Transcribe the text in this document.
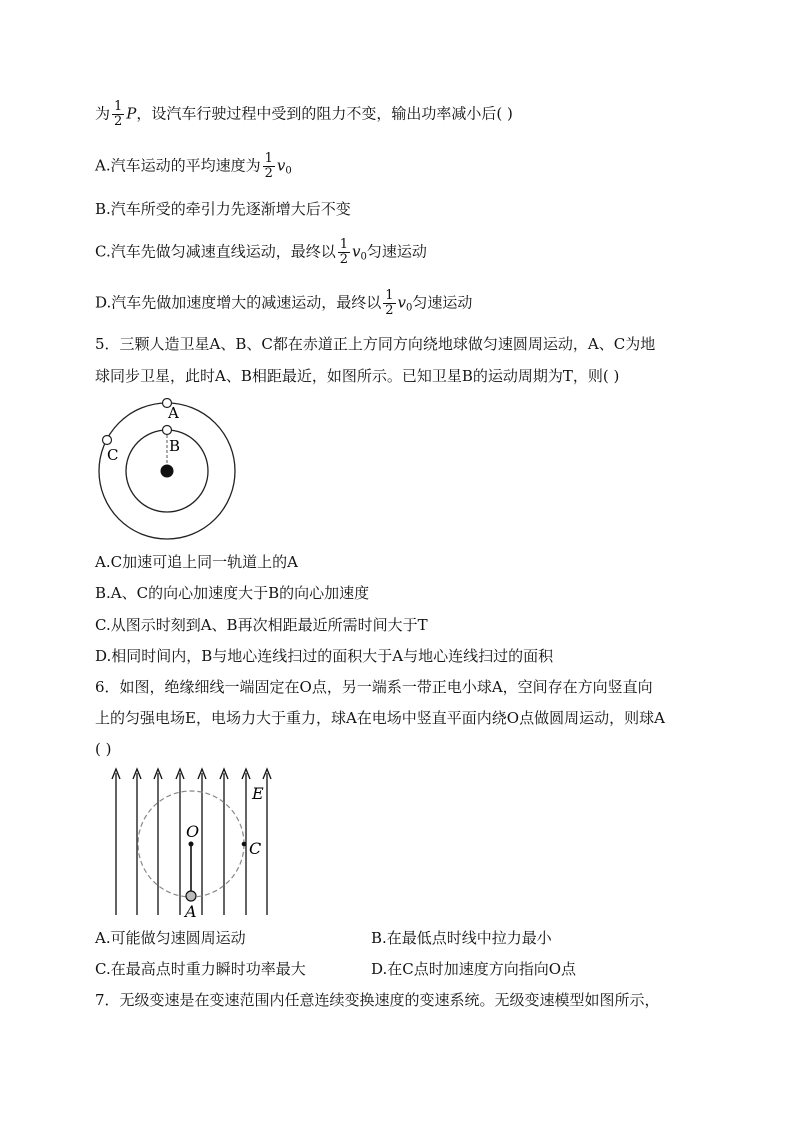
为 $\frac{1}{2}$ P，设汽车行驶过程中受到的阻力不变，输出功率减小后( )
A.汽车运动的平均速度为 $\frac{1}{2} v_0$
B.汽车所受的牵引力先逐渐增大后不变
C.汽车先做匀减速直线运动，最终以 $\frac{1}{2} v_0$匀速运动
D.汽车先做加速度增大的减速运动，最终以 $\frac{1}{2} v_0$匀速运动
5．三颗人造卫星A、B、C都在赤道正上方同方向绕地球做匀速圆周运动，A、C为地
球同步卫星，此时A、B相距最近，如图所示。已知卫星B的运动周期为T，则( )
A
B
C
A.C加速可追上同一轨道上的A
B.A、C的向心加速度大于B的向心加速度
C.从图示时刻到A、B再次相距最近所需时间大于T
D.相同时间内，B与地心连线扫过的面积大于A与地心连线扫过的面积
6．如图，绝缘细线一端固定在O点，另一端系一带正电小球A，空间存在方向竖直向
上的匀强电场E，电场力大于重力，球A在电场中竖直平面内绕O点做圆周运动，则球A
( )
E
O
C
A
A.可能做匀速圆周运动	B.在最低点时线中拉力最小
C.在最高点时重力瞬时功率最大	D.在C点时加速度方向指向O点
7．无级变速是在变速范围内任意连续变换速度的变速系统。无级变速模型如图所示，
